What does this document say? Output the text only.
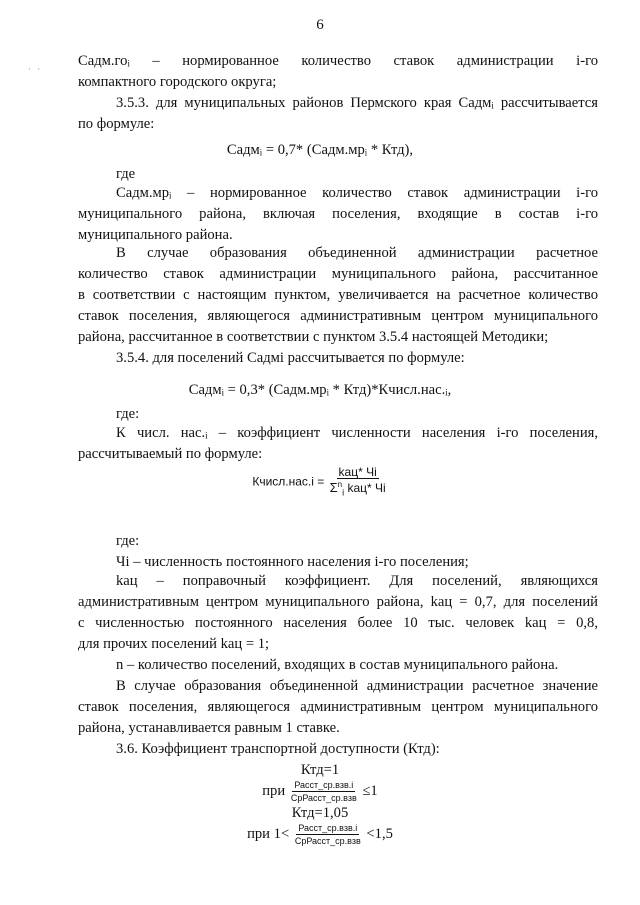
6
· · Садм.гоᵢ – нормированное количество ставок администрации i-го
компактного городского округа;
3.5.3. для муниципальных районов Пермского края Садмᵢ рассчитывается
по формуле:
Садмᵢ = 0,7* (Садм.мрᵢ * Ктд),
где
Садм.мрᵢ – нормированное количество ставок администрации i-го
муниципального района, включая поселения, входящие в состав i-го
муниципального района.
В случае образования объединенной администрации расчетное
количество ставок администрации муниципального района, рассчитанное
в соответствии с настоящим пунктом, увеличивается на расчетное количество
ставок поселения, являющегося административным центром муниципального
района, рассчитанное в соответствии с пунктом 3.5.4 настоящей Методики;
3.5.4. для поселений Садмi рассчитывается по формуле:
Садмᵢ = 0,3* (Садм.мрᵢ * Ктд)*Кчисл.нас.ᵢ,
где:
К числ. нас.ᵢ – коэффициент численности населения i-го поселения,
рассчитываемый по формуле:
Кчисл.нас.i = $\frac{\text{kац* Чi}}{\Sigma^n_i kац* Чi}$
где:
Чi – численность постоянного населения i-го поселения;
kац – поправочный коэффициент. Для поселений, являющихся
административным центром муниципального района, kац = 0,7, для поселений
с численностью постоянного населения более 10 тыс. человек kац = 0,8,
для прочих поселений kац = 1;
n – количество поселений, входящих в состав муниципального района.
В случае образования объединенной администрации расчетное значение
ставок поселения, являющегося административным центром муниципального
района, устанавливается равным 1 ставке.
3.6. Коэффициент транспортной доступности (Ктд):
Ктд=1
при $\frac{\text{Расст\_ср.взв.i}}{\text{СрРасст\_ср.взв}} \le 1$
Ктд=1,05
при $1< \frac{\text{Расст\_ср.взв.i}}{\text{СрРасст\_ср.взв}} <1,5$
